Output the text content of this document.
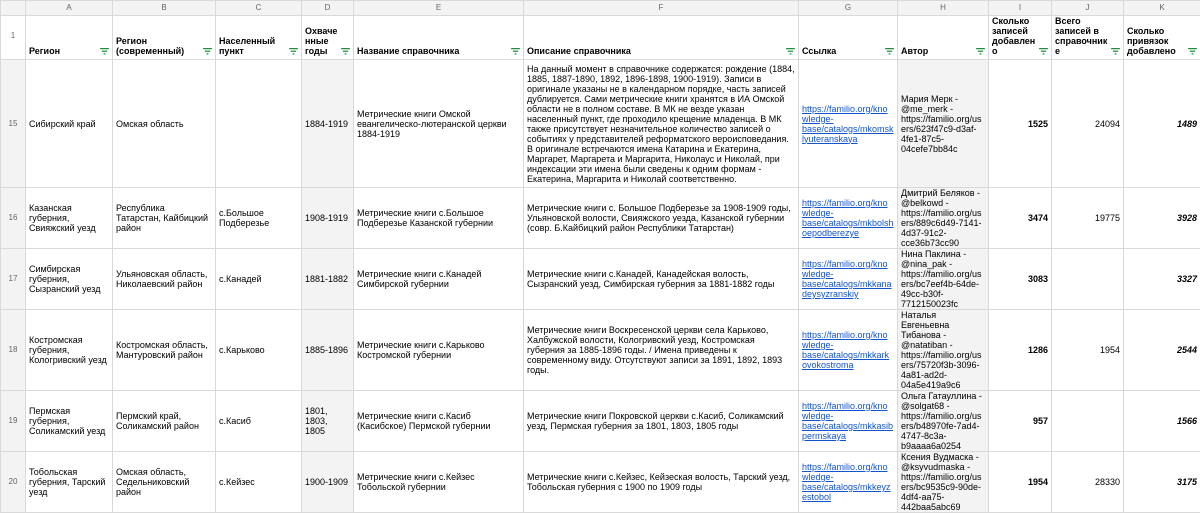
	A	B	C	D	E	F	G	H	I	J	K
1	Регион	Регион (современный)	Населенный пункт	Охваченные годы	Название справочника	Описание справочника	Ссылка	Автор	Сколько записей добавлено	Всего записей в справочнике	Сколько привязок добавлено

15	Сибирский край	Омская область		1884-1919	Метрические книги Омской евангелическо-лютеранской церкви 1884-1919	На данный момент в справочнике содержатся: рождение (1884, 1885, 1887-1890, 1892, 1896-1898, 1900-1919). Записи в оригинале указаны не в календарном порядке, часть записей дублируется. Сами метрические книги хранятся в ИА Омской области не в полном составе. В МК не везде указан населенный пункт, где проходило крещение младенца. В МК также присутствует незначительное количество записей о событиях у представителей реформатского вероисповедания. В оригинале встречаются имена Катарина и Екатерина, Маргарет, Маргарета и Маргарита, Николаус и Николай, при индексации эти имена были сведены к одним формам - Екатерина, Маргарита и Николай соответственно.	https://familio.org/knowledge-base/catalogs/mkomsklyuteranskaya	Мария Мерк - @me_merk - https://familio.org/users/623f47c9-d3af-4fe1-87c5-04cefe7bb84c	1525	24094	1489
16	Казанская губерния, Свияжский уезд	Республика Татарстан, Кайбицкий район	с.Большое Подберезье	1908-1919	Метрические книги с.Большое Подберезье Казанской губернии	Метрические книги с. Большое Подберезье за 1908-1909 годы, Ульяновской волости, Свияжского уезда, Казанской губернии (совр. Б.Кайбицкий район Республики Татарстан)	https://familio.org/knowledge-base/catalogs/mkbolshoepodberezye	Дмитрий Беляков - @belkowd - https://familio.org/users/889c6d49-7141-4d37-91c2-cce36b73cc90	3474	19775	3928
17	Симбирская губерния, Сызранский уезд	Ульяновская область, Николаевский район	с.Канадей	1881-1882	Метрические книги с.Канадей Симбирской губернии	Метрические книги с.Канадей, Канадейская волость, Сызранский уезд, Симбирская губерния за 1881-1882 годы	https://familio.org/knowledge-base/catalogs/mkkanadeysyzranskiy	Нина Паклина - @nina_pak - https://familio.org/users/bc7eef4b-64de-49cc-b30f-7712150023fc	3083		3327
18	Костромская губерния, Кологривский уезд	Костромская область, Мантуровский район	с.Карьково	1885-1896	Метрические книги с.Карьково Костромской губернии	Метрические книги Воскресенской церкви села Карьково, Халбужской волости, Кологривский уезд, Костромская губерния за 1885-1896 годы. / Имена приведены к современному виду. Отсутствуют записи за 1891, 1892, 1893 годы.	https://familio.org/knowledge-base/catalogs/mkkarkovokostroma	Наталья Евгеньевна Тибанова - @natatiban - https://familio.org/users/75720f3b-3096-4a81-ad2d-04a5e419a9c6	1286	1954	2544
19	Пермская губерния, Соликамский уезд	Пермский край, Соликамский район	с.Касиб	1801, 1803, 1805	Метрические книги с.Касиб (Касибское) Пермской губернии	Метрические книги Покровской церкви с.Касиб, Соликамский уезд, Пермская губерния за 1801, 1803, 1805 годы	https://familio.org/knowledge-base/catalogs/mkkasibpermskaya	Ольга Гатауллина - @solgat68 - https://familio.org/users/b48970fe-7ad4-4747-8c3a-b9aaaa6a0254	957		1566
20	Тобольская губерния, Тарский уезд	Омская область, Седельниковский район	с.Кейзес	1900-1909	Метрические книги с.Кейзес Тобольской губернии	Метрические книги с.Кейзес, Кейзеская волость, Тарский уезд, Тобольская губерния с 1900 по 1909 годы	https://familio.org/knowledge-base/catalogs/mkkeyzestobol	Ксения Вудмаска - @ksyvudmaska - https://familio.org/users/bc9535c9-90de-4df4-aa75-442baa5abc69	1954	28330	3175
